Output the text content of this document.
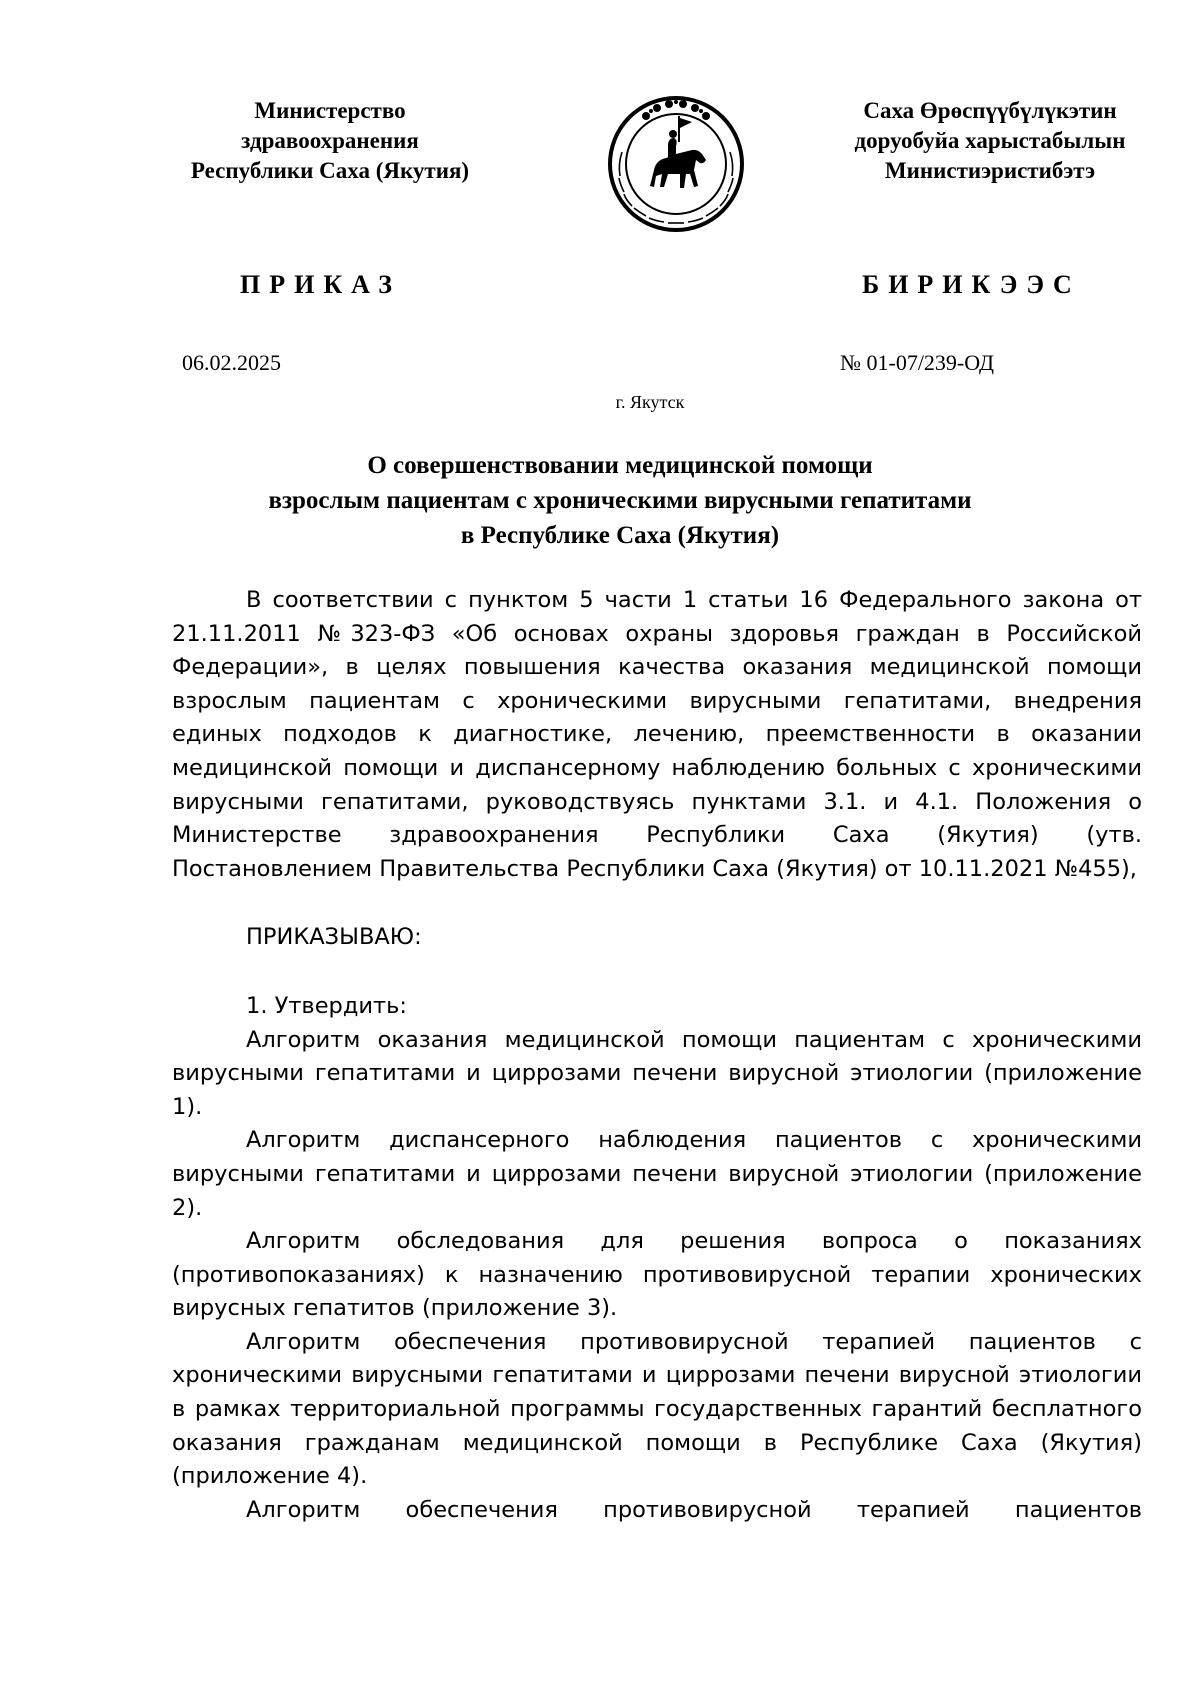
Министерство
здравоохранения
Республики Саха (Якутия)
Саха Өрөспүүбүлүкэтин
доруобуйа харыстабылын
Министиэристибэтэ
ПРИКАЗ	БИРИКЭЭС
06.02.2025	№ 01-07/239-ОД
г. Якутск
О совершенствовании медицинской помощи
взрослым пациентам с хроническими вирусными гепатитами
в Республике Саха (Якутия)

В соответствии с пунктом 5 части 1 статьи 16 Федерального закона от 21.11.2011 №323-ФЗ «Об основах охраны здоровья граждан в Российской Федерации», в целях повышения качества оказания медицинской помощи взрослым пациентам с хроническими вирусными гепатитами, внедрения единых подходов к диагностике, лечению, преемственности в оказании медицинской помощи и диспансерному наблюдению больных с хроническими вирусными гепатитами, руководствуясь пунктами 3.1. и 4.1. Положения о Министерстве здравоохранения Республики Саха (Якутия) (утв. Постановлением Правительства Республики Саха (Якутия) от 10.11.2021 №455),

ПРИКАЗЫВАЮ:

1. Утвердить:

Алгоритм оказания медицинской помощи пациентам с хроническими вирусными гепатитами и циррозами печени вирусной этиологии (приложение 1).

Алгоритм диспансерного наблюдения пациентов с хроническими вирусными гепатитами и циррозами печени вирусной этиологии (приложение 2).

Алгоритм обследования для решения вопроса о показаниях (противопоказаниях) к назначению противовирусной терапии хронических вирусных гепатитов (приложение 3).

Алгоритм обеспечения противовирусной терапией пациентов с хроническими вирусными гепатитами и циррозами печени вирусной этиологии в рамках территориальной программы государственных гарантий бесплатного оказания гражданам медицинской помощи в Республике Саха (Якутия) (приложение 4).

Алгоритм обеспечения противовирусной терапией пациентов
